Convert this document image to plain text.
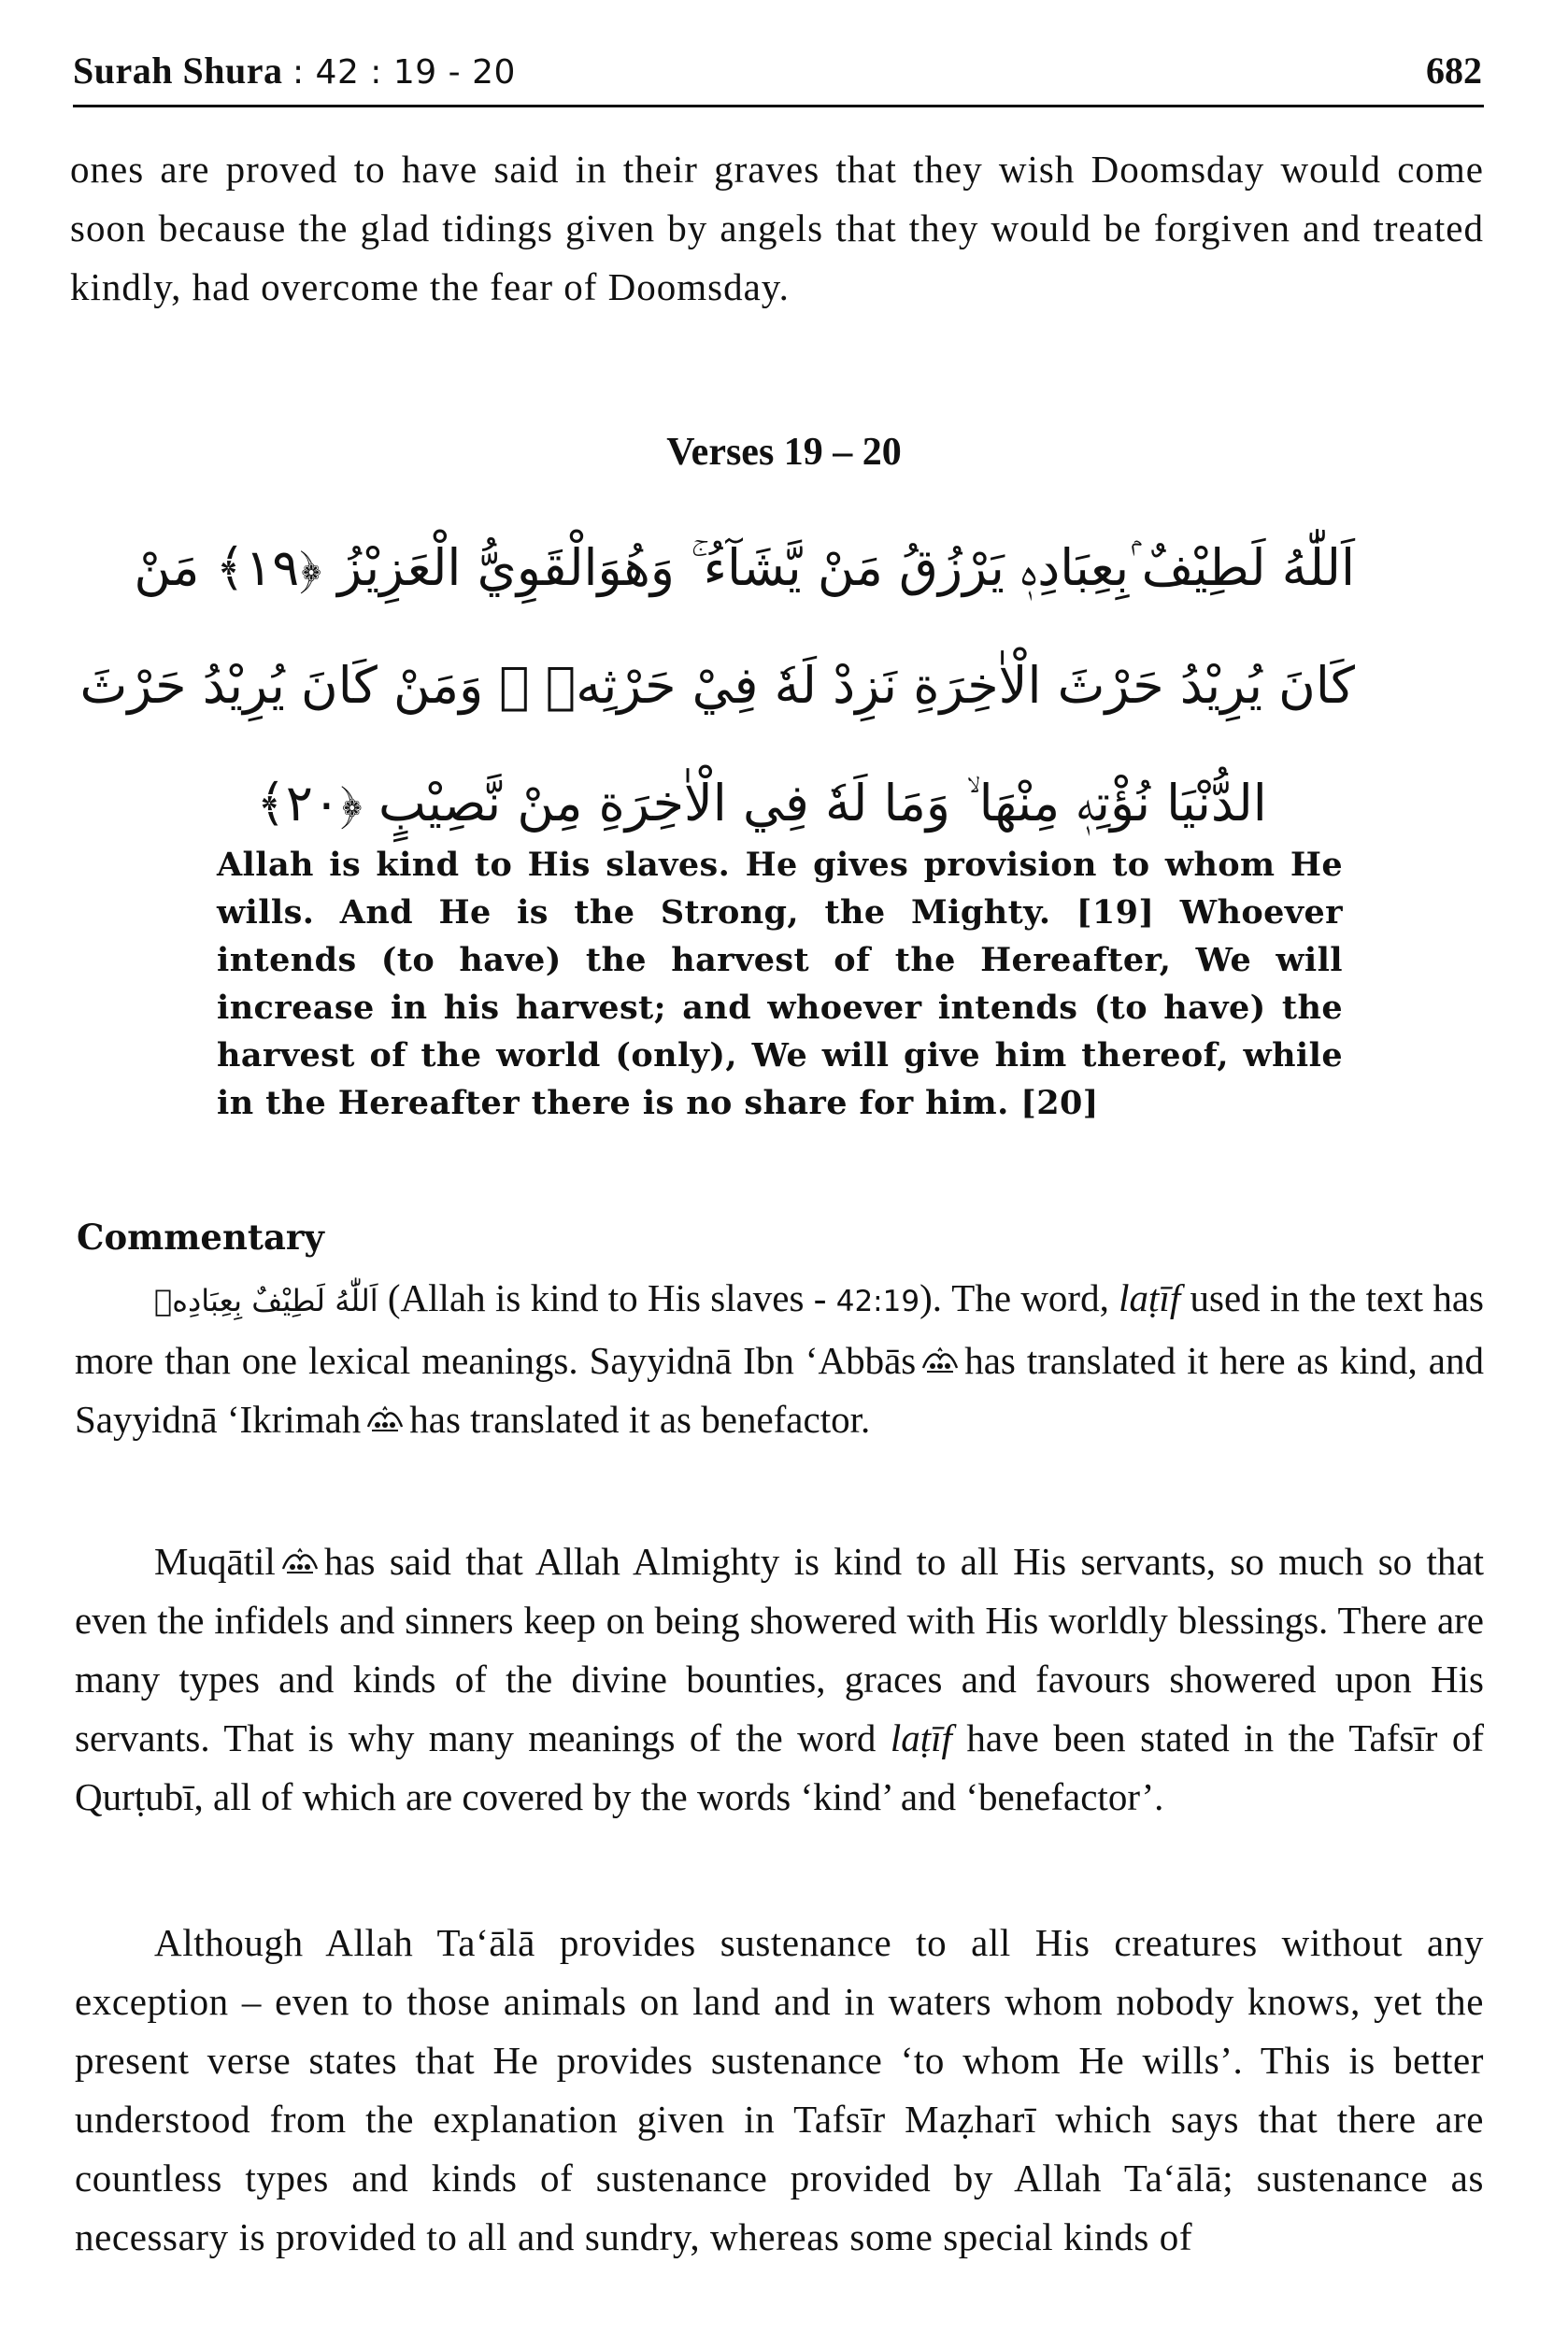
Surah Shura : 42 : 19 - 20	682

ones are proved to have said in their graves that they wish Doomsday would come soon because the glad tidings given by angels that they would be forgiven and treated kindly, had overcome the fear of Doomsday.

Verses 19 – 20
اَللّٰهُ لَطِيْفٌ ۢبِعِبَادِهٖ يَرْزُقُ مَنْ يَّشَآءُ ۚ وَهُوَالْقَوِيُّ الْعَزِيْزُ ﴿۱۹﴾ مَنْ
كَانَ يُرِيْدُ حَرْثَ الْاٰخِرَةِ نَزِدْ لَهٗ فِيْ حَرْثِهٖ ۚ وَمَنْ كَانَ يُرِيْدُ حَرْثَ
الدُّنْيَا نُؤْتِهٖ مِنْهَا ۙ وَمَا لَهٗ فِي الْاٰخِرَةِ مِنْ نَّصِيْبٍ ﴿۲۰﴾

Allah is kind to His slaves. He gives provision to whom He wills. And He is the Strong, the Mighty. [19] Whoever intends (to have) the harvest of the Hereafter, We will increase in his harvest; and whoever intends (to have) the harvest of the world (only), We will give him thereof, while in the Hereafter there is no share for him. [20]

Commentary

اَللّٰهُ لَطِيْفٌ بِعِبَادِهٖ (Allah is kind to His slaves - 42:19). The word, laṭīf used in the text has more than one lexical meanings. Sayyidnā Ibn ‘Abbās has translated it here as kind, and Sayyidnā ‘Ikrimah has translated it as benefactor.

Muqātil has said that Allah Almighty is kind to all His servants, so much so that even the infidels and sinners keep on being showered with His worldly blessings. There are many types and kinds of the divine bounties, graces and favours showered upon His servants. That is why many meanings of the word laṭīf have been stated in the Tafsīr of Qurṭubī, all of which are covered by the words ‘kind’ and ‘benefactor’.

Although Allah Ta‘ālā provides sustenance to all His creatures without any exception – even to those animals on land and in waters whom nobody knows, yet the present verse states that He provides sustenance ‘to whom He wills’. This is better understood from the explanation given in Tafsīr Maẓharī which says that there are countless types and kinds of sustenance provided by Allah Ta‘ālā; sustenance as necessary is provided to all and sundry, whereas some special kinds of
